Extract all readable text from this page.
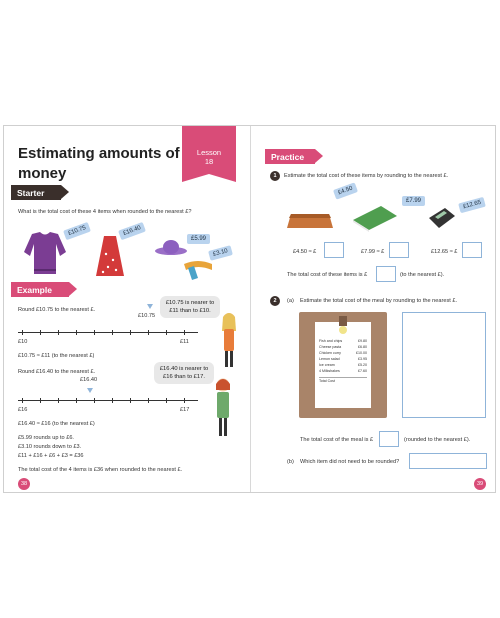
Estimating amounts of money
Lesson
18
Starter
What is the total cost of these 4 items when rounded to the nearest £?
£10.75	£16.40
£5.99
£3.10
Example
Round £10.75 to the nearest £.
£10.75
£10	£11
£10.75 is nearer to £11 than to £10.
£10.75 ≈ £11 (to the nearest £)
Round £16.40 to the nearest £.
£16.40
£16	£17
£16.40 is nearer to £16 than to £17.
£16.40 ≈ £16 (to the nearest £)
£5.99 rounds up to £6.
£3.10 rounds down to £3.
£11 + £16 + £6 + £3 = £36
The total cost of the 4 items is £36 when rounded to the nearest £.
38
Practice
1	Estimate the total cost of these items by rounding to the nearest £.
£4.50
£7.99	£12.65
£4.50 ≈ £	£7.99 ≈ £	£12.65 ≈ £
The total cost of these items is £	(to the nearest £).
2	(a) Estimate the total cost of the meal by rounding to the nearest £.
Fish and chips	£9.80
Cheese pasta	£6.80
Chicken curry	£10.00
Lemon salad	£3.95
Ice cream	£5.20
4 Milkshakes	£7.60
Total Cost
The total cost of the meal is £	(rounded to the nearest £).
(b) Which item did not need to be rounded?
39
